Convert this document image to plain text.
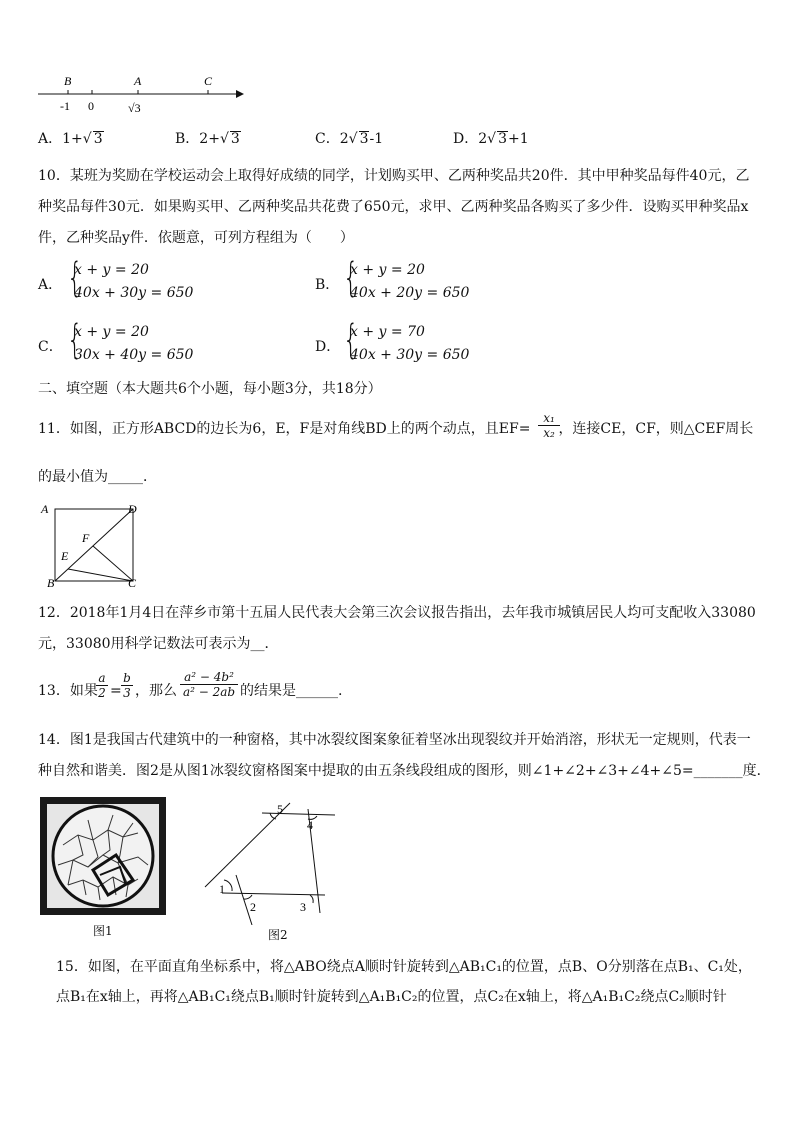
B	A	C
-1 0	√3
A．1+√ 3	B．2+√ 3	C．2√ 3-1	D．2√ 3+1
10．某班为奖励在学校运动会上取得好成绩的同学，计划购买甲、乙两种奖品共20件．其中甲种奖品每件40元，乙
种奖品每件30元．如果购买甲、乙两种奖品共花费了650元，求甲、乙两种奖品各购买了多少件．设购买甲种奖品x
件，乙种奖品y件．依题意，可列方程组为（　　）
A． {
x + y = 20
40x + 30y = 650	B． {
x + y = 20
40x + 20y = 650
C． {
x + y = 20
30x + 40y = 650	D． {
x + y = 70
40x + 30y = 650
二、填空题（本大题共6个小题，每小题3分，共18分）
11．如图，正方形ABCD的边长为6，E，F是对角线BD上的两个动点，且EF= ，连接CE，CF，则△CEF周长
$\frac{\text{x₁}}{\text{x₂}}$
的最小值为_____．
A	D
F
E
B	C
12．2018年1月4日在萍乡市第十五届人民代表大会第三次会议报告指出，去年我市城镇居民人均可支配收入33080
元，33080用科学记数法可表示为__．
13．如果
$\frac{a}{2} = \frac{b}{3}$ ，那么 $\frac{\text{a² − 4b²}}{\text{a² − 2ab}}$ 的结果是______.
14．图1是我国古代建筑中的一种窗格，其中冰裂纹图案象征着坚冰出现裂纹并开始消溶，形状无一定规则，代表一
种自然和谐美．图2是从图1冰裂纹窗格图案中提取的由五条线段组成的图形，则∠1+∠2+∠3+∠4+∠5=_______度．
图1
5
4
1
2	3
图2
15．如图，在平面直角坐标系中，将△ABO绕点A顺时针旋转到△AB₁C₁的位置，点B、O分别落在点B₁、C₁处，
点B₁在x轴上，再将△AB₁C₁绕点B₁顺时针旋转到△A₁B₁C₂的位置，点C₂在x轴上，将△A₁B₁C₂绕点C₂顺时针
